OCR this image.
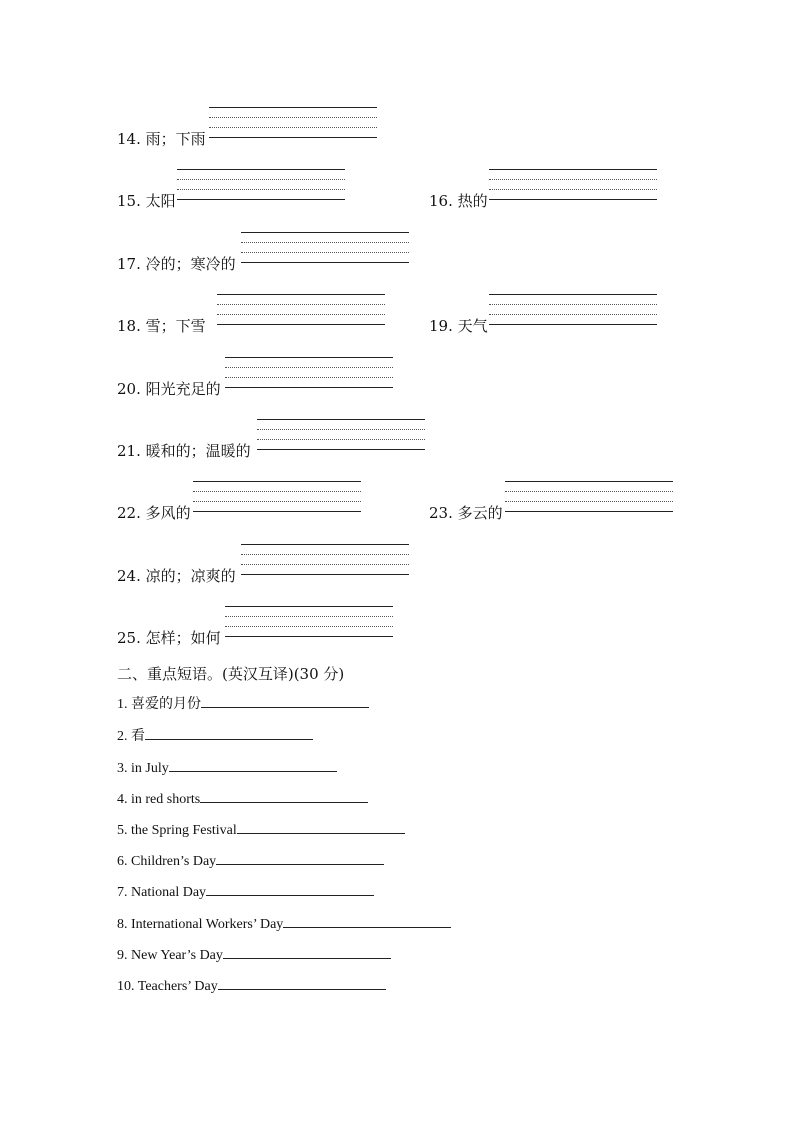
14. 雨；下雨
15. 太阳	16. 热的
17. 冷的；寒冷的
18. 雪；下雪	19. 天气
20. 阳光充足的
21. 暖和的；温暖的
22. 多风的	23. 多云的
24. 凉的；凉爽的
25. 怎样；如何
二、重点短语。(英汉互译)(30 分)
1. 喜爱的月份
2. 看
3. in July
4. in red shorts
5. the Spring Festival
6. Children’s Day
7. National Day
8. International Workers’ Day
9. New Year’s Day
10. Teachers’ Day
